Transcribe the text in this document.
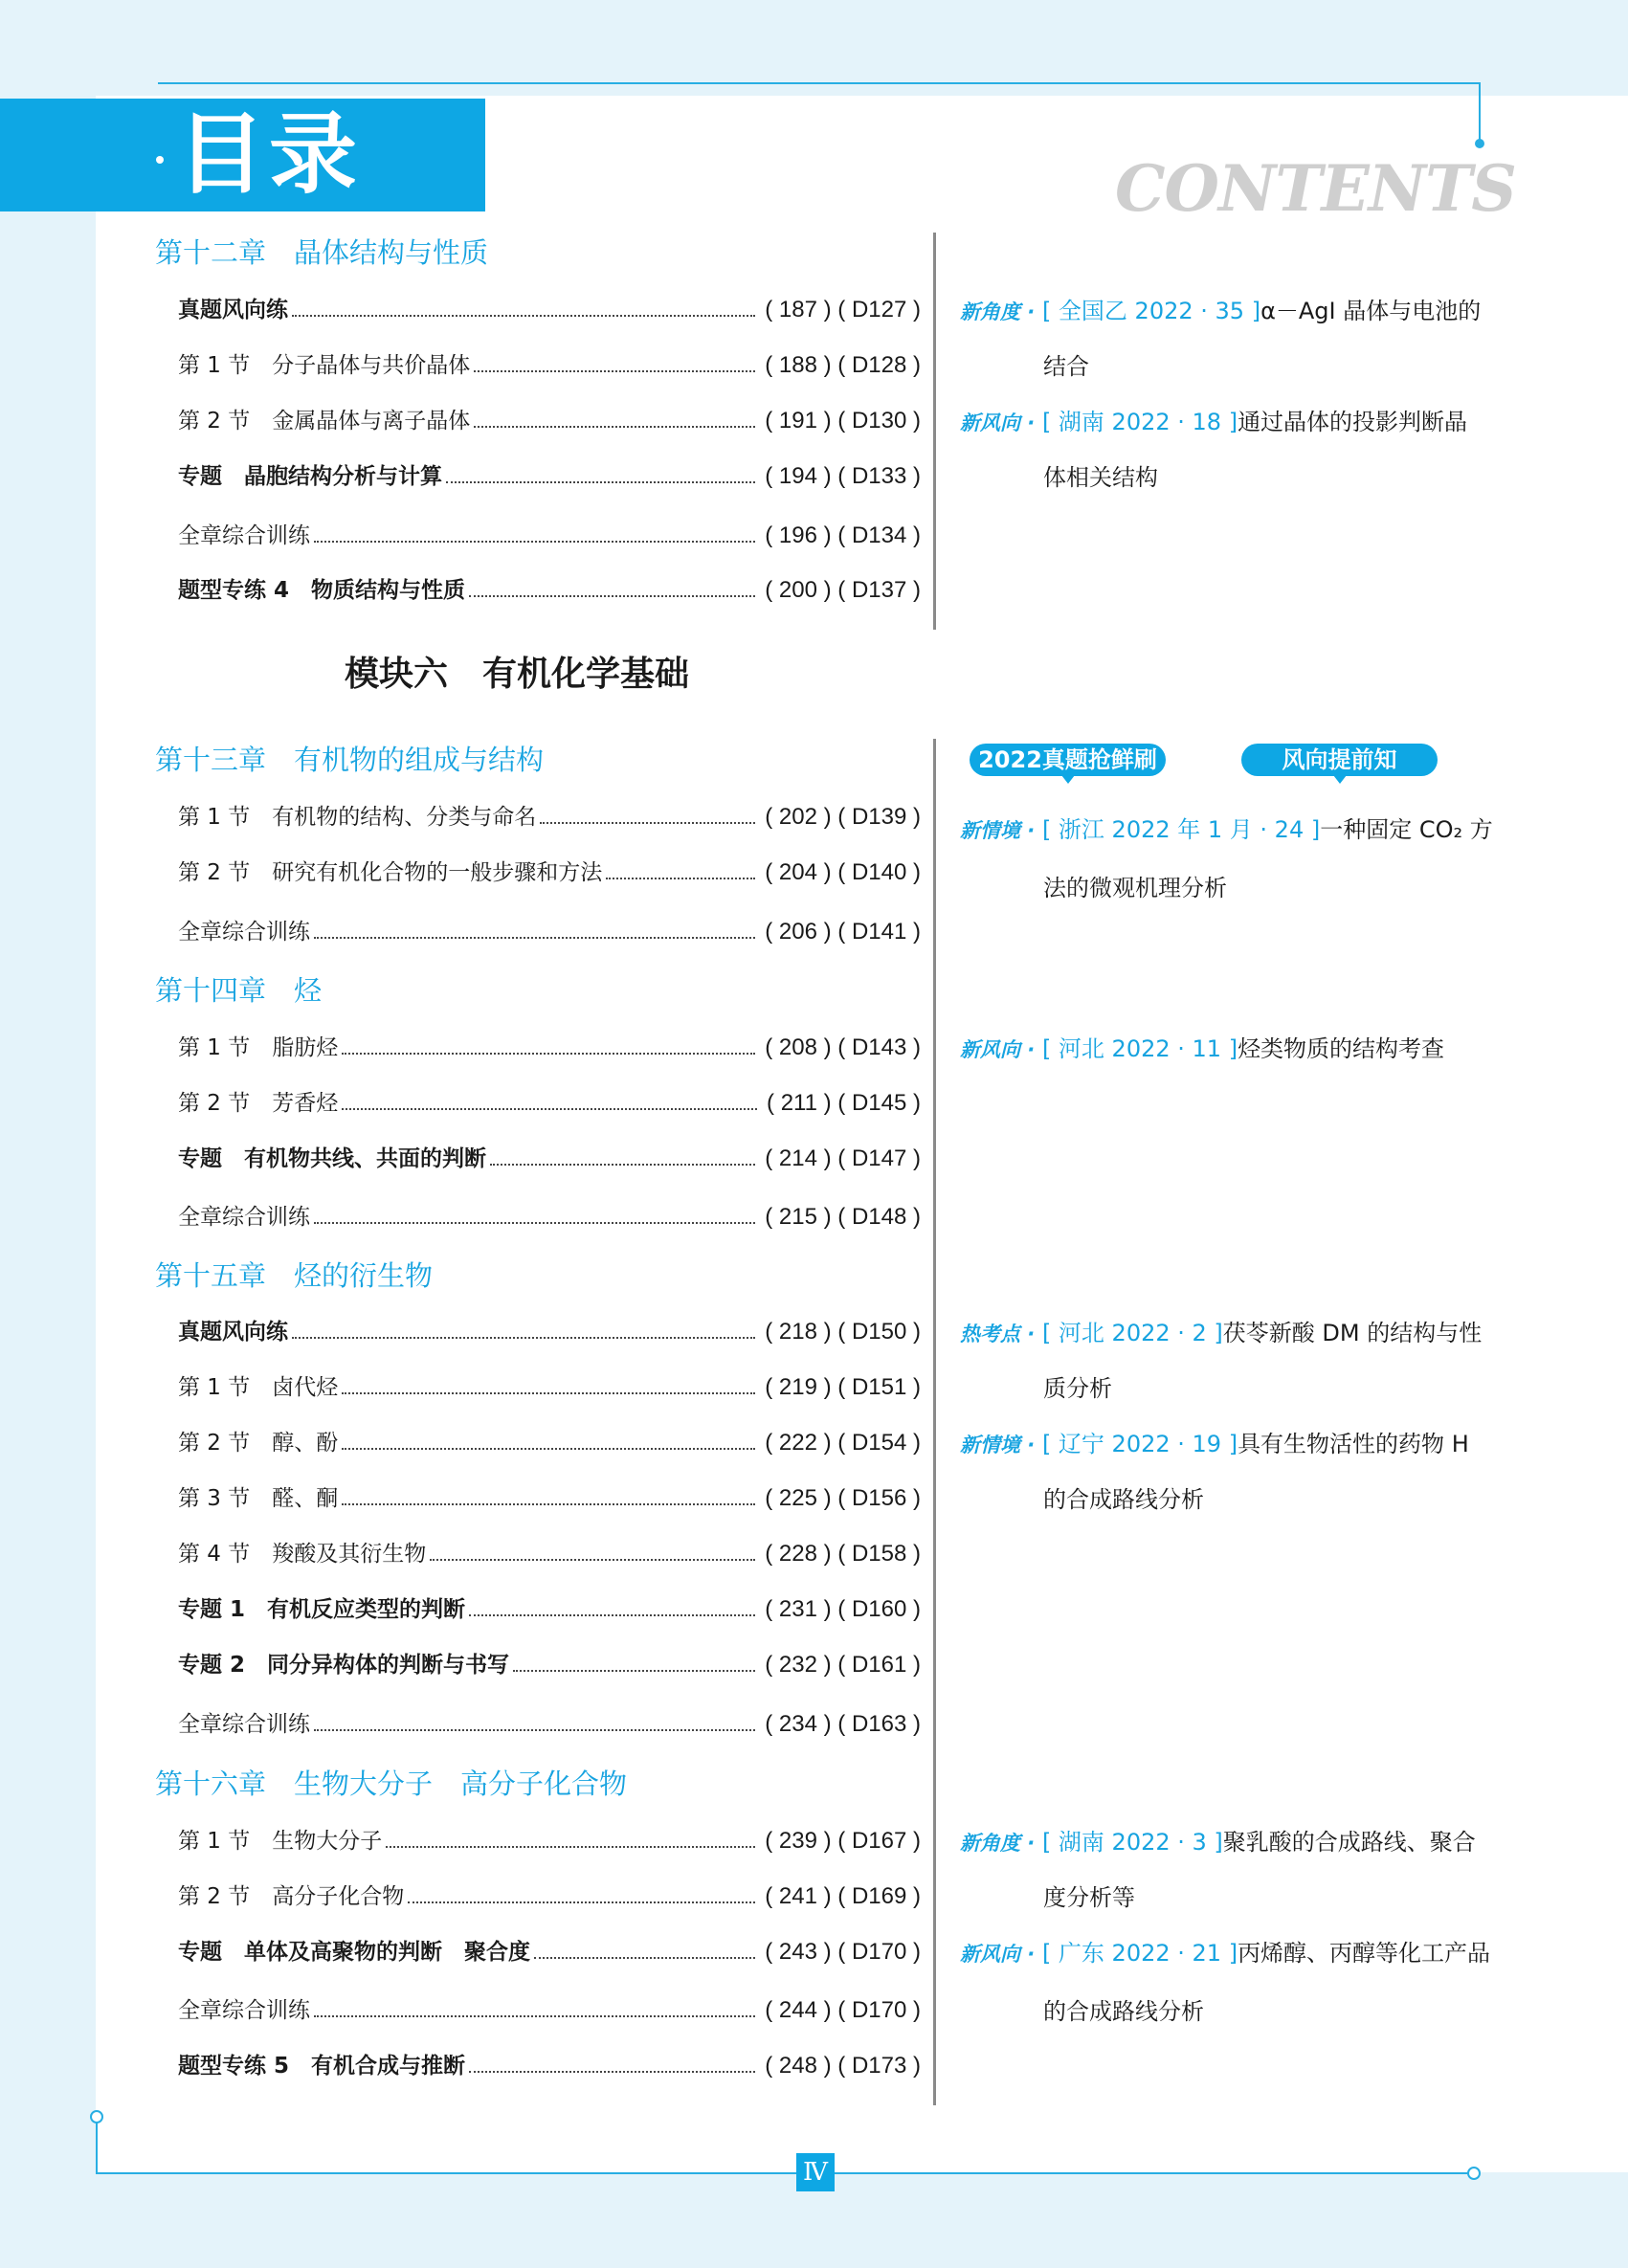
目录	CONTENTS
第十二章　晶体结构与性质
模块六　有机化学基础
第十三章　有机物的组成与结构
第十四章　烃
第十五章　烃的衍生物
第十六章　生物大分子　高分子化合物
真题风向练	( 187 ) ( D127 )
第 1 节　分子晶体与共价晶体	( 188 ) ( D128 )
第 2 节　金属晶体与离子晶体	( 191 ) ( D130 )
专题　晶胞结构分析与计算	( 194 ) ( D133 )
全章综合训练	( 196 ) ( D134 )
题型专练 4　物质结构与性质	( 200 ) ( D137 )
第 1 节　有机物的结构、分类与命名	( 202 ) ( D139 )
第 2 节　研究有机化合物的一般步骤和方法	( 204 ) ( D140 )
全章综合训练	( 206 ) ( D141 )
第 1 节　脂肪烃	( 208 ) ( D143 )
第 2 节　芳香烃	( 211 ) ( D145 )
专题　有机物共线、共面的判断	( 214 ) ( D147 )
全章综合训练	( 215 ) ( D148 )
真题风向练	( 218 ) ( D150 )
第 1 节　卤代烃	( 219 ) ( D151 )
第 2 节　醇、酚	( 222 ) ( D154 )
第 3 节　醛、酮	( 225 ) ( D156 )
第 4 节　羧酸及其衍生物	( 228 ) ( D158 )
专题 1　有机反应类型的判断	( 231 ) ( D160 )
专题 2　同分异构体的判断与书写	( 232 ) ( D161 )
全章综合训练	( 234 ) ( D163 )
第 1 节　生物大分子	( 239 ) ( D167 )
第 2 节　高分子化合物	( 241 ) ( D169 )
专题　单体及高聚物的判断　聚合度	( 243 ) ( D170 )
全章综合训练	( 244 ) ( D170 )
题型专练 5　有机合成与推断	( 248 ) ( D173 )
2022真题抢鲜刷	风向提前知
新角度 · [ 全国乙 2022 · 35 ]α－AgI 晶体与电池的
结合
新风向 · [ 湖南 2022 · 18 ]通过晶体的投影判断晶
体相关结构
新情境 · [ 浙江 2022 年 1 月 · 24 ]一种固定 CO₂ 方
法的微观机理分析
新风向 · [ 河北 2022 · 11 ]烃类物质的结构考查
热考点 · [ 河北 2022 · 2 ]茯苓新酸 DM 的结构与性
质分析
新情境 · [ 辽宁 2022 · 19 ]具有生物活性的药物 H
的合成路线分析
新角度 · [ 湖南 2022 · 3 ]聚乳酸的合成路线、聚合
度分析等
新风向 · [ 广东 2022 · 21 ]丙烯醇、丙醇等化工产品
的合成路线分析
Ⅳ
